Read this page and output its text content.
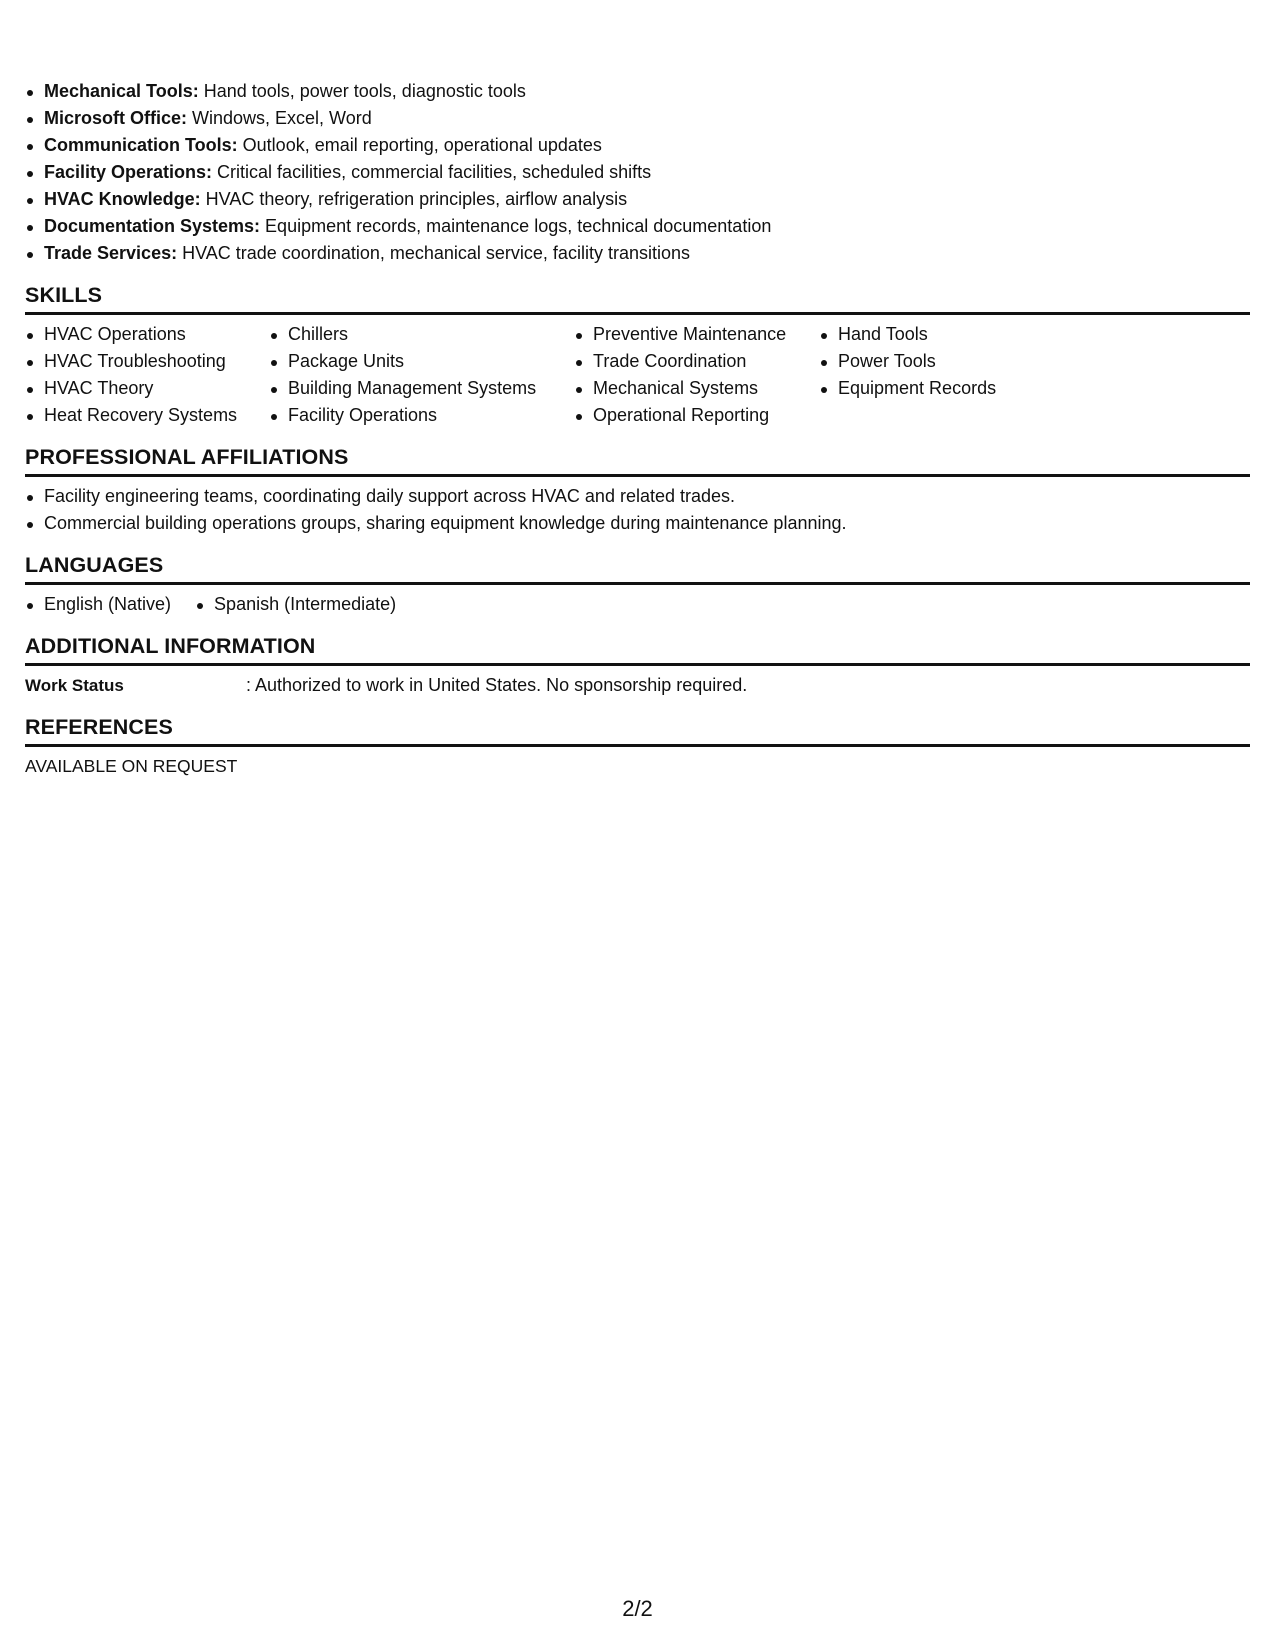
Mechanical Tools: Hand tools, power tools, diagnostic tools
Microsoft Office: Windows, Excel, Word
Communication Tools: Outlook, email reporting, operational updates
Facility Operations: Critical facilities, commercial facilities, scheduled shifts
HVAC Knowledge: HVAC theory, refrigeration principles, airflow analysis
Documentation Systems: Equipment records, maintenance logs, technical documentation
Trade Services: HVAC trade coordination, mechanical service, facility transitions
SKILLS
HVAC Operations
HVAC Troubleshooting
HVAC Theory
Heat Recovery Systems
Chillers
Package Units
Building Management Systems
Facility Operations
Preventive Maintenance
Trade Coordination
Mechanical Systems
Operational Reporting
Hand Tools
Power Tools
Equipment Records
PROFESSIONAL AFFILIATIONS
Facility engineering teams, coordinating daily support across HVAC and related trades.
Commercial building operations groups, sharing equipment knowledge during maintenance planning.
LANGUAGES
English (Native)	Spanish (Intermediate)
ADDITIONAL INFORMATION
Work Status	: Authorized to work in United States. No sponsorship required.
REFERENCES
AVAILABLE ON REQUEST
2/2
